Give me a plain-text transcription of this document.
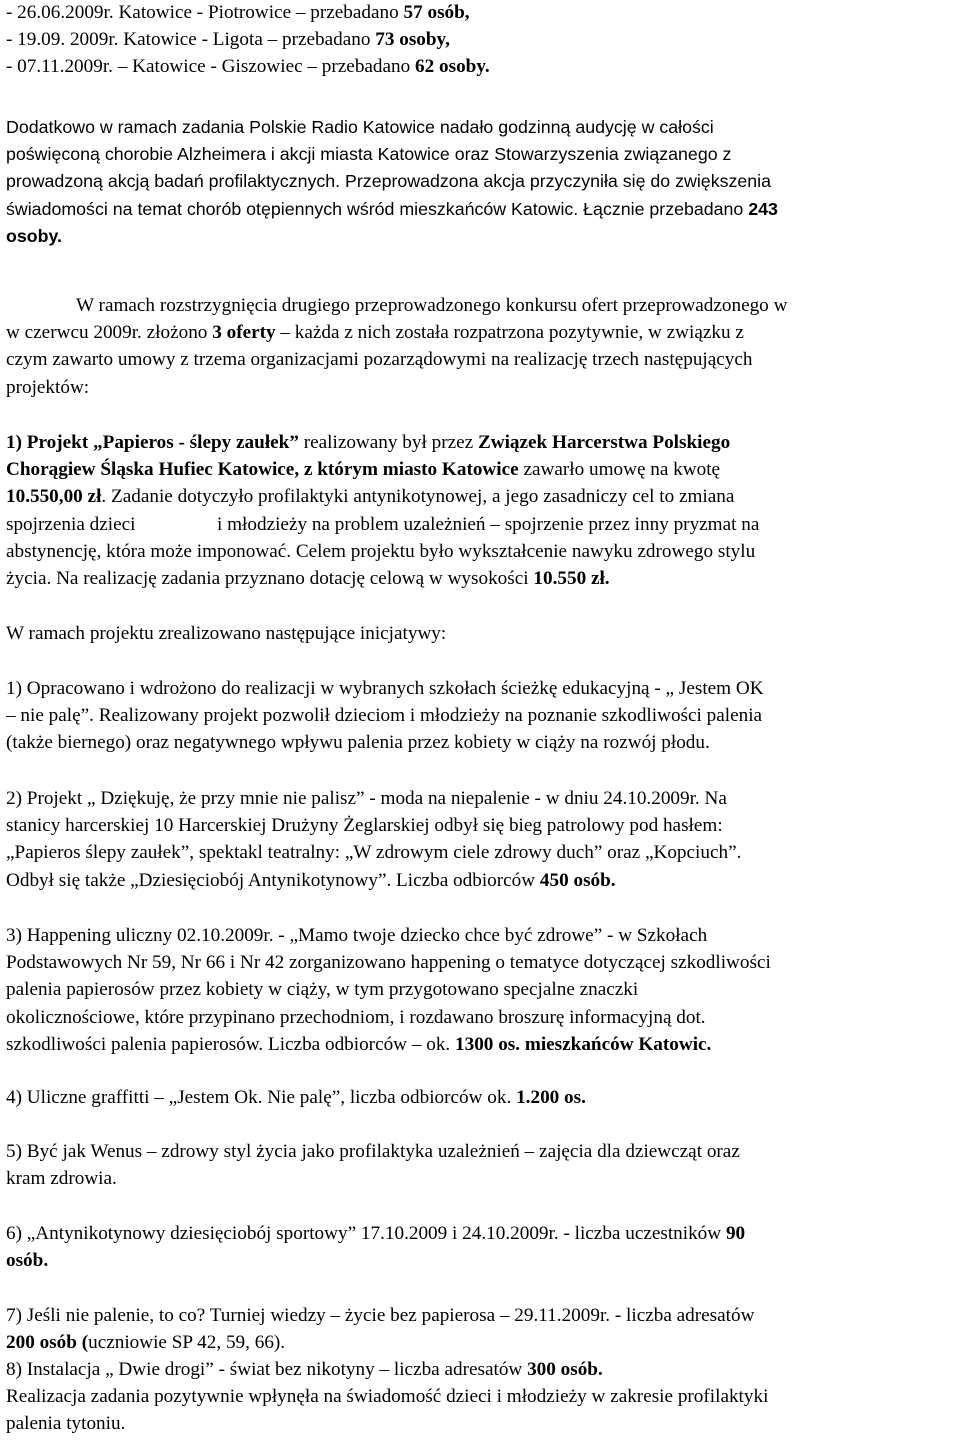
- 26.06.2009r. Katowice - Piotrowice – przebadano 57 osób,
- 19.09. 2009r. Katowice - Ligota – przebadano 73 osoby,
- 07.11.2009r. – Katowice - Giszowiec – przebadano 62 osoby.
Dodatkowo w ramach zadania Polskie Radio Katowice nadało godzinną audycję w całości
poświęconą chorobie Alzheimera i akcji miasta Katowice oraz Stowarzyszenia związanego z
prowadzoną akcją badań profilaktycznych. Przeprowadzona akcja przyczyniła się do zwiększenia
świadomości na temat chorób otępiennych wśród mieszkańców Katowic. Łącznie przebadano 243
osoby.
W ramach rozstrzygnięcia drugiego przeprowadzonego konkursu ofert przeprowadzonego w
w czerwcu 2009r. złożono 3 oferty – każda z nich została rozpatrzona pozytywnie, w związku z
czym zawarto umowy z trzema organizacjami pozarządowymi na realizację trzech następujących
projektów:
1) Projekt „Papieros - ślepy zaułek” realizowany był przez Związek Harcerstwa Polskiego
Chorągiew Śląska Hufiec Katowice, z którym miasto Katowice zawarło umowę na kwotę
10.550,00 zł. Zadanie dotyczyło profilaktyki antynikotynowej, a jego zasadniczy cel to zmiana
spojrzenia dzieci                 i młodzieży na problem uzależnień – spojrzenie przez inny pryzmat na
abstynencję, która może imponować. Celem projektu było wykształcenie nawyku zdrowego stylu
życia. Na realizację zadania przyznano dotację celową w wysokości 10.550 zł.
W ramach projektu zrealizowano następujące inicjatywy:
1) Opracowano i wdrożono do realizacji w wybranych szkołach ścieżkę edukacyjną - „ Jestem OK
– nie palę”. Realizowany projekt pozwolił dzieciom i młodzieży na poznanie szkodliwości palenia
(także biernego) oraz negatywnego wpływu palenia przez kobiety w ciąży na rozwój płodu.
2) Projekt „ Dziękuję, że przy mnie nie palisz” - moda na niepalenie - w dniu 24.10.2009r. Na
stanicy harcerskiej 10 Harcerskiej Drużyny Żeglarskiej odbył się bieg patrolowy pod hasłem:
„Papieros ślepy zaułek”, spektakl teatralny: „W zdrowym ciele zdrowy duch” oraz „Kopciuch”.
Odbył się także „Dziesięciobój Antynikotynowy”. Liczba odbiorców 450 osób.
3) Happening uliczny 02.10.2009r. - „Mamo twoje dziecko chce być zdrowe” - w Szkołach
Podstawowych Nr 59, Nr 66 i Nr 42 zorganizowano happening o tematyce dotyczącej szkodliwości
palenia papierosów przez kobiety w ciąży, w tym przygotowano specjalne znaczki
okolicznościowe, które przypinano przechodniom, i rozdawano broszurę informacyjną dot.
szkodliwości palenia papierosów. Liczba odbiorców – ok. 1300 os. mieszkańców Katowic.
4) Uliczne graffitti – „Jestem Ok. Nie palę”, liczba odbiorców ok. 1.200 os.
5) Być jak Wenus – zdrowy styl życia jako profilaktyka uzależnień – zajęcia dla dziewcząt oraz
kram zdrowia.
6) „Antynikotynowy dziesięciobój sportowy” 17.10.2009 i 24.10.2009r. - liczba uczestników 90
osób.
7) Jeśli nie palenie, to co? Turniej wiedzy – życie bez papierosa – 29.11.2009r. - liczba adresatów
200 osób (uczniowie SP 42, 59, 66).
8) Instalacja „ Dwie drogi” - świat bez nikotyny – liczba adresatów 300 osób.
Realizacja zadania pozytywnie wpłynęła na świadomość dzieci i młodzieży w zakresie profilaktyki
palenia tytoniu.
